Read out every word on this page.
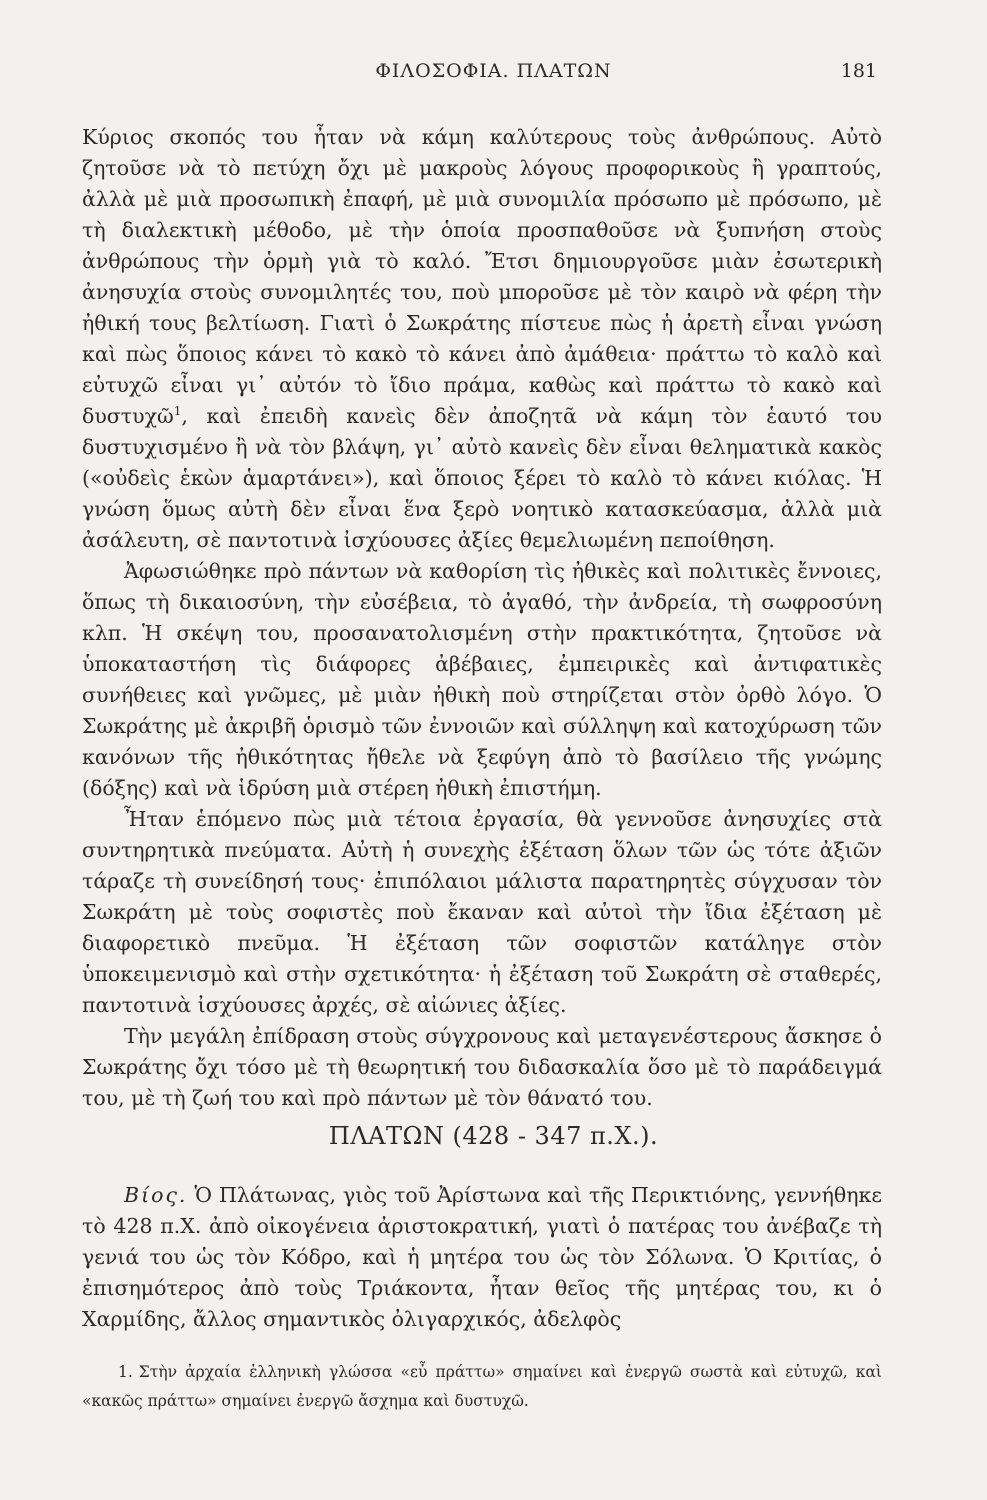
ΦΙΛΟΣΟΦΙΑ. ΠΛΑΤΩΝ	181

Κύριος σκοπός του ἦταν νὰ κάμη καλύτερους τοὺς ἀνθρώπους. Αὐτὸ ζητοῦσε νὰ τὸ πετύχη ὄχι μὲ μακροὺς λόγους προφορικοὺς ἢ γραπτούς, ἀλλὰ μὲ μιὰ προσωπικὴ ἐπαφή, μὲ μιὰ συνομιλία πρόσωπο μὲ πρόσωπο, μὲ τὴ διαλεκτικὴ μέθοδο, μὲ τὴν ὁποία προσπαθοῦσε νὰ ξυπνήση στοὺς ἀνθρώπους τὴν ὁρμὴ γιὰ τὸ καλό. Ἔτσι δημιουργοῦσε μιὰν ἐσωτερικὴ ἀνησυχία στοὺς συνομιλητές του, ποὺ μποροῦσε μὲ τὸν καιρὸ νὰ φέρη τὴν ἠθική τους βελτίωση. Γιατὶ ὁ Σωκράτης πίστευε πὼς ἡ ἀρετὴ εἶναι γνώση καὶ πὼς ὅποιος κάνει τὸ κακὸ τὸ κάνει ἀπὸ ἀμάθεια· πράττω τὸ καλὸ καὶ εὐτυχῶ εἶναι γι᾽ αὐτόν τὸ ἴδιο πράμα, καθὼς καὶ πράττω τὸ κακὸ καὶ δυστυχῶ$^1$, καὶ ἐπειδὴ κανεὶς δὲν ἀποζητᾶ νὰ κάμη τὸν ἑαυτό του δυστυχισμένο ἢ νὰ τὸν βλάψη, γι᾽ αὐτὸ κανεὶς δὲν εἶναι θεληματικὰ κακὸς («οὐδεὶς ἑκὼν ἁμαρτάνει»), καὶ ὅποιος ξέρει τὸ καλὸ τὸ κάνει κιόλας. Ἡ γνώση ὅμως αὐτὴ δὲν εἶναι ἕνα ξερὸ νοητικὸ κατασκεύασμα, ἀλλὰ μιὰ ἀσάλευτη, σὲ παντοτινὰ ἰσχύουσες ἀξίες θεμελιωμένη πεποίθηση.

Ἀφωσιώθηκε πρὸ πάντων νὰ καθορίση τὶς ἠθικὲς καὶ πολιτικὲς ἔννοιες, ὅπως τὴ δικαιοσύνη, τὴν εὐσέβεια, τὸ ἀγαθό, τὴν ἀνδρεία, τὴ σωφροσύνη κλπ. Ἡ σκέψη του, προσανατολισμένη στὴν πρακτικότητα, ζητοῦσε νὰ ὑποκαταστήση τὶς διάφορες ἀβέβαιες, ἐμπειρικὲς καὶ ἀντιφατικὲς συνήθειες καὶ γνῶμες, μὲ μιὰν ἠθικὴ ποὺ στηρίζεται στὸν ὀρθὸ λόγο. Ὁ Σωκράτης μὲ ἀκριβῆ ὁρισμὸ τῶν ἐννοιῶν καὶ σύλληψη καὶ κατοχύρωση τῶν κανόνων τῆς ἠθικότητας ἤθελε νὰ ξεφύγη ἀπὸ τὸ βασίλειο τῆς γνώμης (δόξης) καὶ νὰ ἱδρύση μιὰ στέρεη ἠθικὴ ἐπιστήμη.

Ἦταν ἑπόμενο πὼς μιὰ τέτοια ἐργασία, θὰ γεννοῦσε ἀνησυχίες στὰ συντηρητικὰ πνεύματα. Αὐτὴ ἡ συνεχὴς ἐξέταση ὅλων τῶν ὡς τότε ἀξιῶν τάραζε τὴ συνείδησή τους· ἐπιπόλαιοι μάλιστα παρατηρητὲς σύγχυσαν τὸν Σωκράτη μὲ τοὺς σοφιστὲς ποὺ ἔκαναν καὶ αὐτοὶ τὴν ἴδια ἐξέταση μὲ διαφορετικὸ πνεῦμα. Ἡ ἐξέταση τῶν σοφιστῶν κατάληγε στὸν ὑποκειμενισμὸ καὶ στὴν σχετικότητα· ἡ ἐξέταση τοῦ Σωκράτη σὲ σταθερές, παντοτινὰ ἰσχύουσες ἀρχές, σὲ αἰώνιες ἀξίες.

Τὴν μεγάλη ἐπίδραση στοὺς σύγχρονους καὶ μεταγενέστερους ἄσκησε ὁ Σωκράτης ὄχι τόσο μὲ τὴ θεωρητική του διδασκαλία ὅσο μὲ τὸ παράδειγμά του, μὲ τὴ ζωή του καὶ πρὸ πάντων μὲ τὸν θάνατό του.

ΠΛΑΤΩΝ (428 - 347 π.Χ.).

Βίος. Ὁ Πλάτωνας, γιὸς τοῦ Ἀρίστωνα καὶ τῆς Περικτιόνης, γεννήθηκε τὸ 428 π.Χ. ἀπὸ οἰκογένεια ἀριστοκρατική, γιατὶ ὁ πατέρας του ἀνέβαζε τὴ γενιά του ὡς τὸν Κόδρο, καὶ ἡ μητέρα του ὡς τὸν Σόλωνα. Ὁ Κριτίας, ὁ ἐπισημότερος ἀπὸ τοὺς Τριάκοντα, ἦταν θεῖος τῆς μητέρας του, κι ὁ Χαρμίδης, ἄλλος σημαντικὸς ὀλιγαρχικός, ἀδελφὸς

1. Στὴν ἀρχαία ἑλληνικὴ γλώσσα «εὖ πράττω» σημαίνει καὶ ἐνεργῶ σωστὰ καὶ εὐτυχῶ, καὶ «κακῶς πράττω» σημαίνει ἐνεργῶ ἄσχημα καὶ δυστυχῶ.
